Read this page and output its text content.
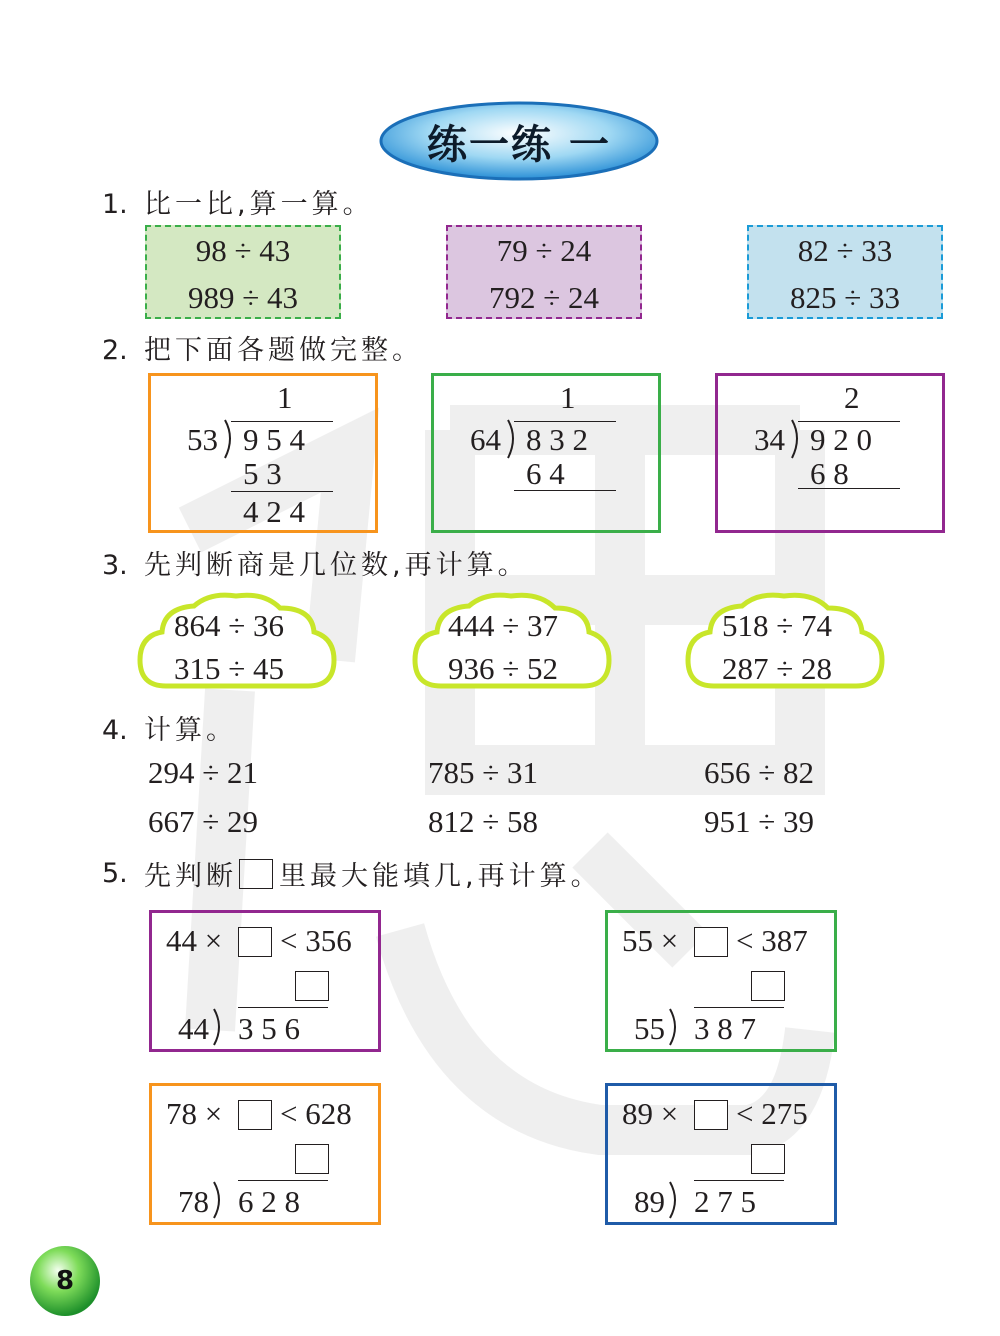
练一练 一
1. 比一比,算一算。
98 ÷ 43
989 ÷ 43
79 ÷ 24
792 ÷ 24
82 ÷ 33
825 ÷ 33
2. 把下面各题做完整。
1
53 9 5 4
5 3
4 2 4
1
64 8 3 2
6 4
2
34 9 2 0
6 8
3. 先判断商是几位数,再计算。
864 ÷ 36
315 ÷ 45
444 ÷ 37
936 ÷ 52
518 ÷ 74
287 ÷ 28
4. 计算。
294 ÷ 21	785 ÷ 31	656 ÷ 82
667 ÷ 29	812 ÷ 58	951 ÷ 39
5. 先判断 里最大能填几,再计算。
44 × < 356
44 3 5 6
55 × < 387
55 3 8 7
78 × < 628
78 6 2 8
89 × < 275
89 2 7 5
8
